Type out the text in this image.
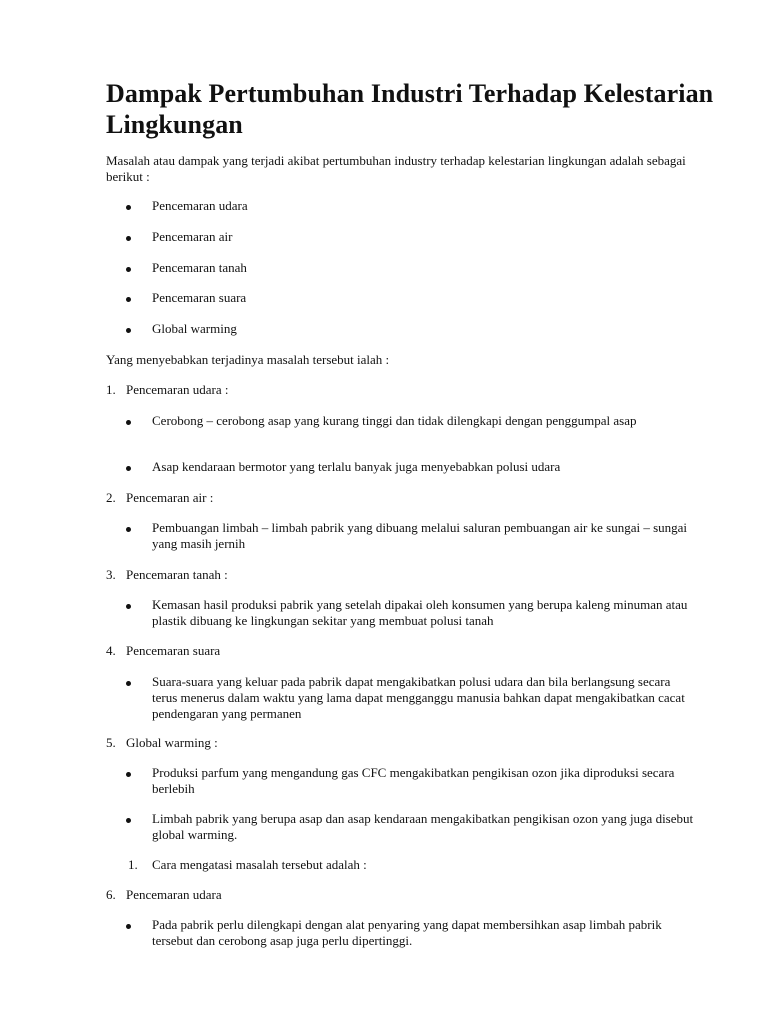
Dampak Pertumbuhan Industri Terhadap Kelestarian Lingkungan

Masalah atau dampak yang terjadi akibat pertumbuhan industry terhadap kelestarian lingkungan adalah sebagai berikut :

Pencemaran udara
Pencemaran air
Pencemaran tanah
Pencemaran suara
Global warming

Yang menyebabkan terjadinya masalah tersebut ialah :

1. Pencemaran udara :
Cerobong – cerobong asap yang kurang tinggi dan tidak dilengkapi dengan penggumpal asap
Asap kendaraan bermotor yang terlalu banyak juga menyebabkan polusi udara
2. Pencemaran air :
Pembuangan limbah – limbah pabrik yang dibuang melalui saluran pembuangan air ke sungai – sungai yang masih jernih
3. Pencemaran tanah :
Kemasan hasil produksi pabrik yang setelah dipakai oleh konsumen yang berupa kaleng minuman atau plastik dibuang ke lingkungan sekitar yang membuat polusi tanah
4. Pencemaran suara
Suara-suara yang keluar pada pabrik dapat mengakibatkan polusi udara dan bila berlangsung secara terus menerus dalam waktu yang lama dapat mengganggu manusia bahkan dapat mengakibatkan cacat pendengaran yang permanen
5. Global warming :
Produksi parfum yang mengandung gas CFC mengakibatkan pengikisan ozon jika diproduksi secara berlebih
Limbah pabrik yang berupa asap dan asap kendaraan mengakibatkan pengikisan ozon yang juga disebut global warming.
1. Cara mengatasi masalah tersebut adalah :
6. Pencemaran udara
Pada pabrik perlu dilengkapi dengan alat penyaring yang dapat membersihkan asap limbah pabrik tersebut dan cerobong asap juga perlu dipertinggi.
